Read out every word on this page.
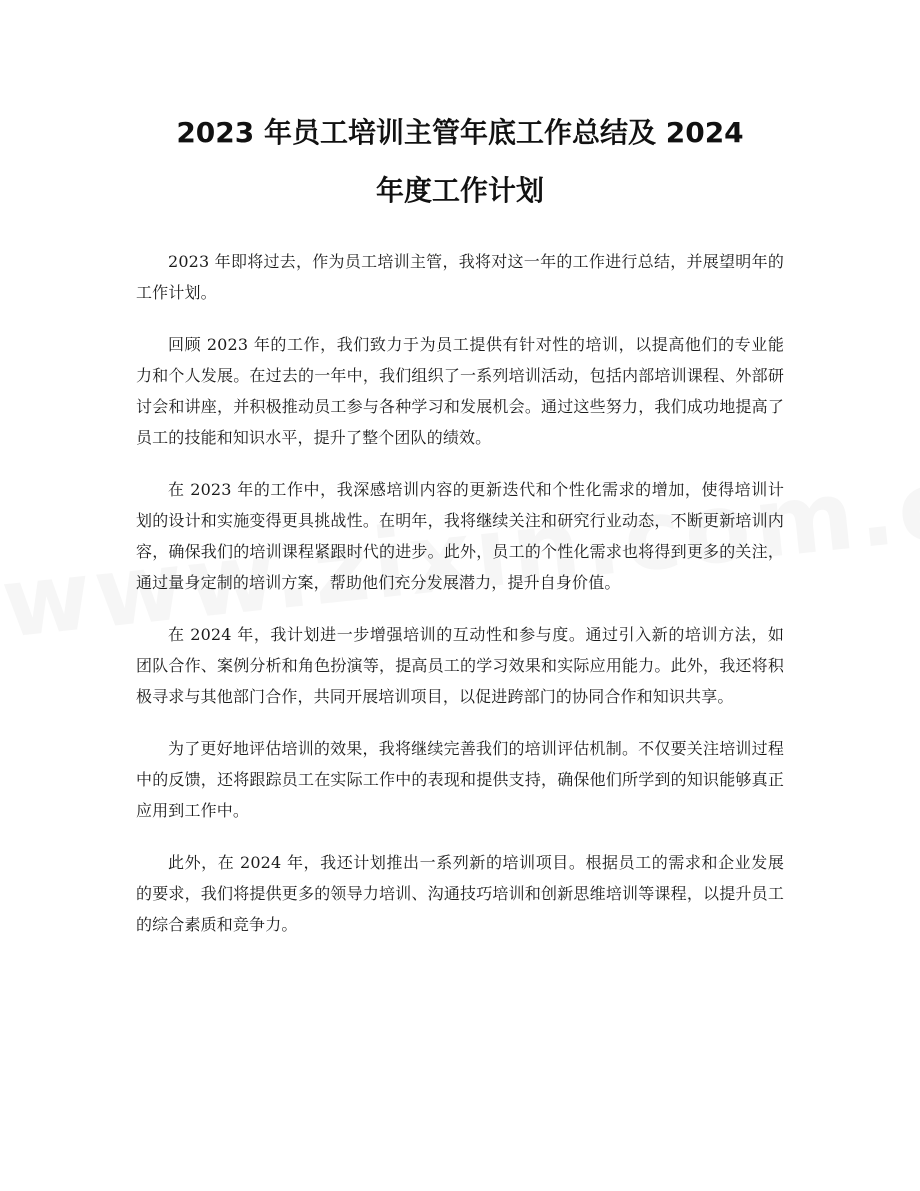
2023 年员工培训主管年底工作总结及 2024
年度工作计划

2023 年即将过去，作为员工培训主管，我将对这一年的工作进行总结，并展望明年的工作计划。

回顾 2023 年的工作，我们致力于为员工提供有针对性的培训，以提高他们的专业能力和个人发展。在过去的一年中，我们组织了一系列培训活动，包括内部培训课程、外部研讨会和讲座，并积极推动员工参与各种学习和发展机会。通过这些努力，我们成功地提高了员工的技能和知识水平，提升了整个团队的绩效。

在 2023 年的工作中，我深感培训内容的更新迭代和个性化需求的增加，使得培训计划的设计和实施变得更具挑战性。在明年，我将继续关注和研究行业动态，不断更新培训内容，确保我们的培训课程紧跟时代的进步。此外，员工的个性化需求也将得到更多的关注，通过量身定制的培训方案，帮助他们充分发展潜力，提升自身价值。

在 2024 年，我计划进一步增强培训的互动性和参与度。通过引入新的培训方法，如团队合作、案例分析和角色扮演等，提高员工的学习效果和实际应用能力。此外，我还将积极寻求与其他部门合作，共同开展培训项目，以促进跨部门的协同合作和知识共享。

为了更好地评估培训的效果，我将继续完善我们的培训评估机制。不仅要关注培训过程中的反馈，还将跟踪员工在实际工作中的表现和提供支持，确保他们所学到的知识能够真正应用到工作中。

此外，在 2024 年，我还计划推出一系列新的培训项目。根据员工的需求和企业发展的要求，我们将提供更多的领导力培训、沟通技巧培训和创新思维培训等课程，以提升员工的综合素质和竞争力。
